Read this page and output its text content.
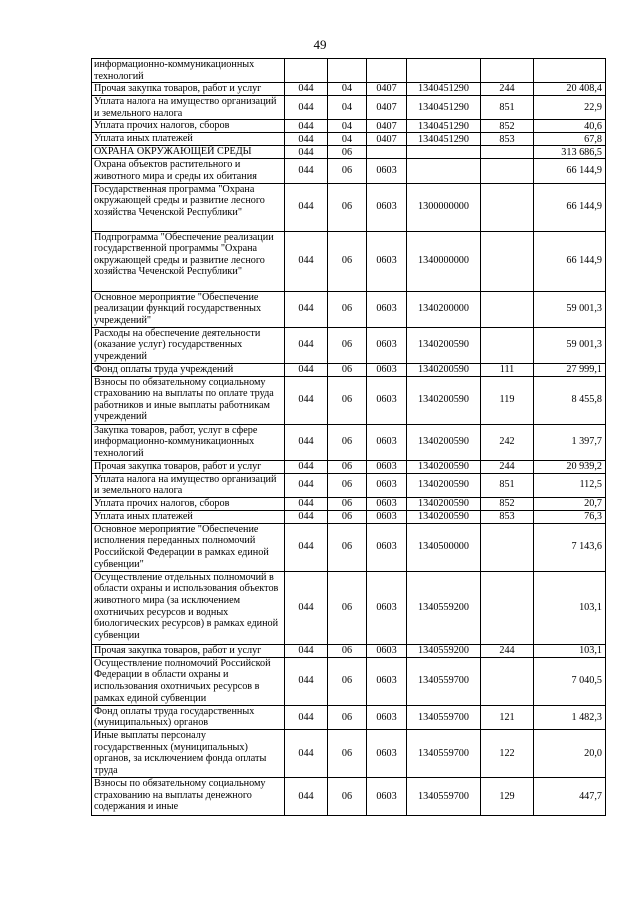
49
информационно-коммуникационных технологий						
Прочая закупка товаров, работ и услуг	044	04	0407	1340451290	244	20 408,4
Уплата налога на имущество организаций и земельного налога	044	04	0407	1340451290	851	22,9
Уплата прочих налогов, сборов	044	04	0407	1340451290	852	40,6
Уплата иных платежей	044	04	0407	1340451290	853	67,8
ОХРАНА ОКРУЖАЮЩЕЙ СРЕДЫ	044	06				313 686,5
Охрана объектов растительного и животного мира и среды их обитания	044	06	0603			66 144,9
Государственная программа "Охрана окружающей среды и развитие лесного хозяйства Чеченской Республики"	044	06	0603	1300000000		66 144,9
Подпрограмма "Обеспечение реализации государственной программы "Охрана окружающей среды и развитие лесного хозяйства Чеченской Республики"	044	06	0603	1340000000		66 144,9
Основное мероприятие "Обеспечение реализации функций государственных учреждений"	044	06	0603	1340200000		59 001,3
Расходы на обеспечение деятельности (оказание услуг) государственных учреждений	044	06	0603	1340200590		59 001,3
Фонд оплаты труда учреждений	044	06	0603	1340200590	111	27 999,1
Взносы по обязательному социальному страхованию на выплаты по оплате труда работников и иные выплаты работникам учреждений	044	06	0603	1340200590	119	8 455,8
Закупка товаров, работ, услуг в сфере информационно-коммуникационных технологий	044	06	0603	1340200590	242	1 397,7
Прочая закупка товаров, работ и услуг	044	06	0603	1340200590	244	20 939,2
Уплата налога на имущество организаций и земельного налога	044	06	0603	1340200590	851	112,5
Уплата прочих налогов, сборов	044	06	0603	1340200590	852	20,7
Уплата иных платежей	044	06	0603	1340200590	853	76,3
Основное мероприятие "Обеспечение исполнения переданных полномочий Российской Федерации в рамках единой субвенции"	044	06	0603	1340500000		7 143,6
Осуществление отдельных полномочий в области охраны и использования объектов животного мира (за исключением охотничьих ресурсов и водных биологических ресурсов) в рамках единой субвенции	044	06	0603	1340559200		103,1
Прочая закупка товаров, работ и услуг	044	06	0603	1340559200	244	103,1
Осуществление полномочий Российской Федерации в области охраны и использования охотничьих ресурсов в рамках единой субвенции	044	06	0603	1340559700		7 040,5
Фонд оплаты труда государственных (муниципальных) органов	044	06	0603	1340559700	121	1 482,3
Иные выплаты персоналу государственных (муниципальных) органов, за исключением фонда оплаты труда	044	06	0603	1340559700	122	20,0
Взносы по обязательному социальному страхованию на выплаты денежного содержания и иные	044	06	0603	1340559700	129	447,7
